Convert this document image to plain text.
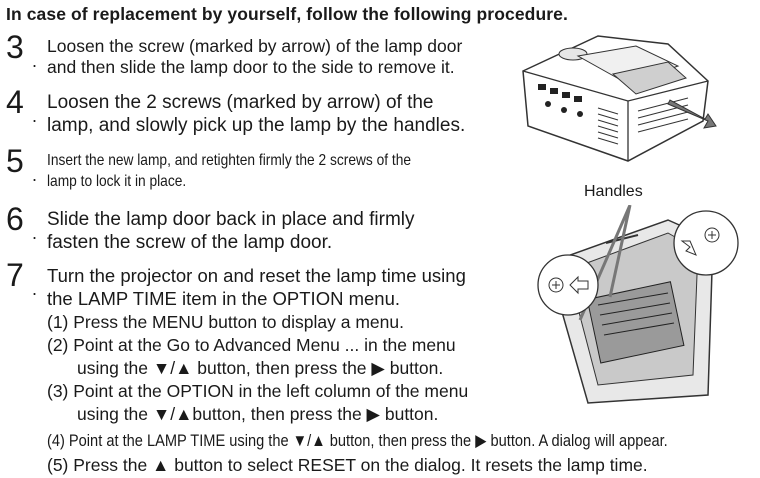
In case of replacement by yourself, follow the following procedure.
3 .
Loosen the screw (marked by arrow) of the lamp door
and then slide the lamp door to the side to remove it.
4 .
Loosen the 2 screws (marked by arrow) of the
lamp, and slowly pick up the lamp by the handles.
5 .
Insert the new lamp, and retighten firmly the 2 screws of the
lamp to lock it in place.
6 .
Slide the lamp door back in place and firmly
fasten the screw of the lamp door.
7 .
Turn the projector on and reset the lamp time using
the LAMP TIME item in the OPTION menu.
(1) Press the MENU button to display a menu.
(2) Point at the Go to Advanced Menu ... in the menu
using the ▼/▲ button, then press the ▶ button.
(3) Point at the OPTION in the left column of the menu
using the ▼/▲button, then press the ▶ button.
(4) Point at the LAMP TIME using the ▼/▲ button, then press the ▶ button. A dialog will appear.
(5) Press the ▲ button to select RESET on the dialog. It resets the lamp time.
Handles
